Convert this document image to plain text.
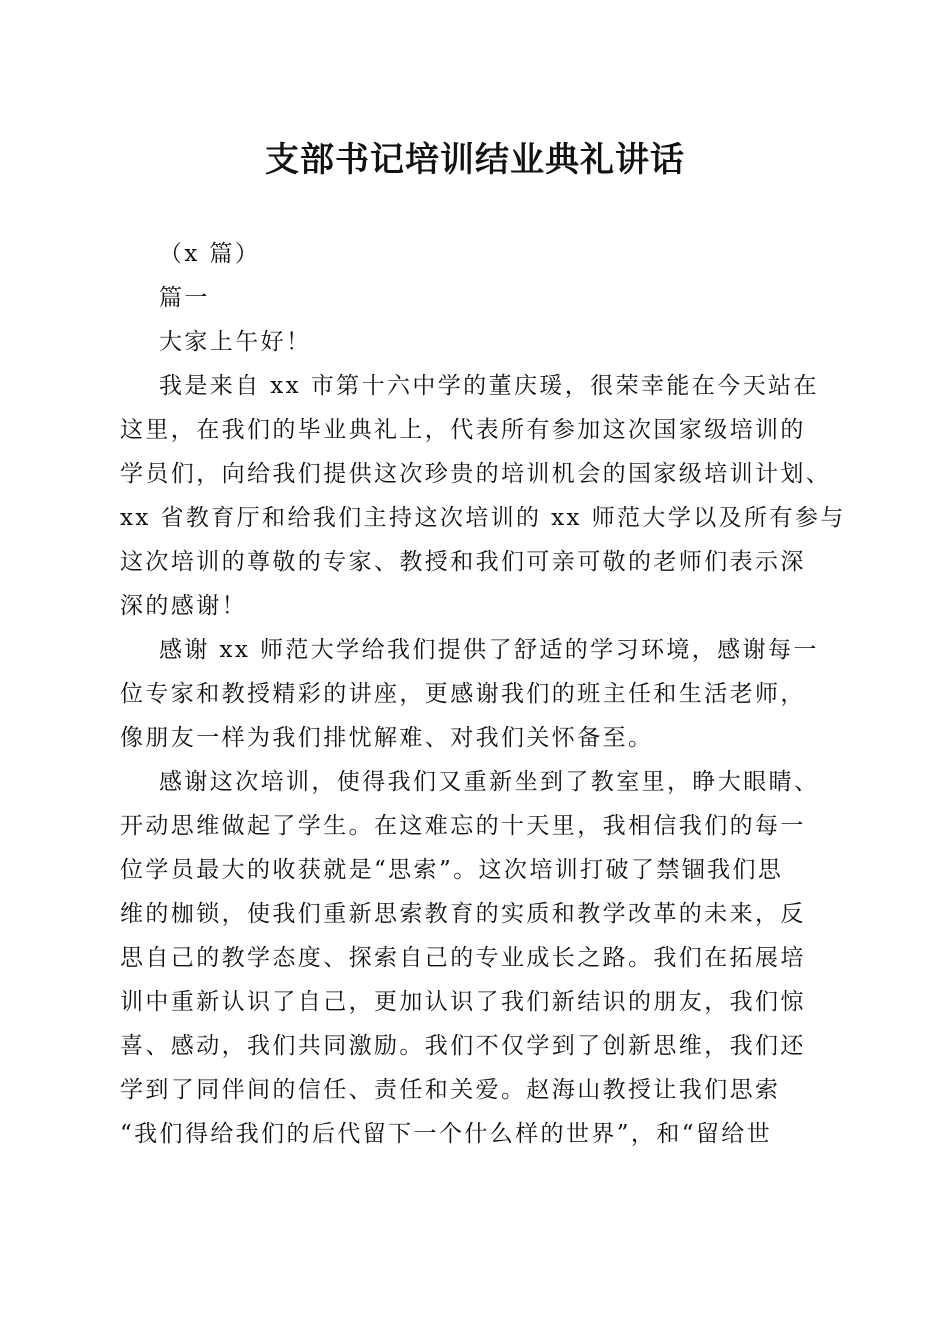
支部书记培训结业典礼讲话

（x 篇）

篇一

大家上午好！

我是来自 xx 市第十六中学的董庆瑗，很荣幸能在今天站在
这里，在我们的毕业典礼上，代表所有参加这次国家级培训的
学员们，向给我们提供这次珍贵的培训机会的国家级培训计划、
xx 省教育厅和给我们主持这次培训的 xx 师范大学以及所有参与
这次培训的尊敬的专家、教授和我们可亲可敬的老师们表示深
深的感谢！

感谢 xx 师范大学给我们提供了舒适的学习环境，感谢每一
位专家和教授精彩的讲座，更感谢我们的班主任和生活老师，
像朋友一样为我们排忧解难、对我们关怀备至。

感谢这次培训，使得我们又重新坐到了教室里，睁大眼睛、
开动思维做起了学生。在这难忘的十天里，我相信我们的每一
位学员最大的收获就是“思索”。这次培训打破了禁锢我们思
维的枷锁，使我们重新思索教育的实质和教学改革的未来，反
思自己的教学态度、探索自己的专业成长之路。我们在拓展培
训中重新认识了自己，更加认识了我们新结识的朋友，我们惊
喜、感动，我们共同激励。我们不仅学到了创新思维，我们还
学到了同伴间的信任、责任和关爱。赵海山教授让我们思索
“我们得给我们的后代留下一个什么样的世界”，和“留给世
